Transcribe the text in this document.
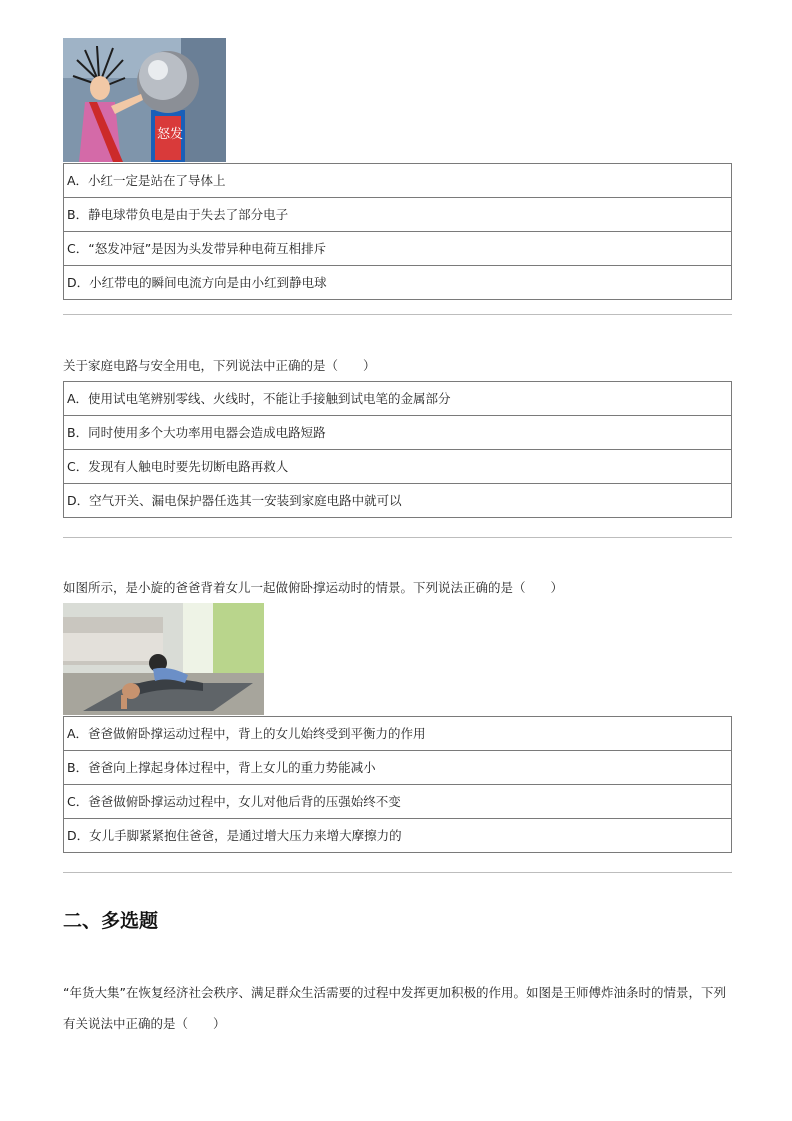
怒发
A．小红一定是站在了导体上
B．静电球带负电是由于失去了部分电子
C．“怒发冲冠”是因为头发带异种电荷互相排斥
D．小红带电的瞬间电流方向是由小红到静电球
关于家庭电路与安全用电，下列说法中正确的是（　　）
A．使用试电笔辨别零线、火线时，不能让手接触到试电笔的金属部分
B．同时使用多个大功率用电器会造成电路短路
C．发现有人触电时要先切断电路再救人
D．空气开关、漏电保护器任选其一安装到家庭电路中就可以
如图所示，是小旋的爸爸背着女儿一起做俯卧撑运动时的情景。下列说法正确的是（　　）
A．爸爸做俯卧撑运动过程中，背上的女儿始终受到平衡力的作用
B．爸爸向上撑起身体过程中，背上女儿的重力势能减小
C．爸爸做俯卧撑运动过程中，女儿对他后背的压强始终不变
D．女儿手脚紧紧抱住爸爸，是通过增大压力来增大摩擦力的
二、多选题
“年货大集”在恢复经济社会秩序、满足群众生活需要的过程中发挥更加积极的作用。如图是王师傅炸油条时的情景，下列有关说法中正确的是（　　）
